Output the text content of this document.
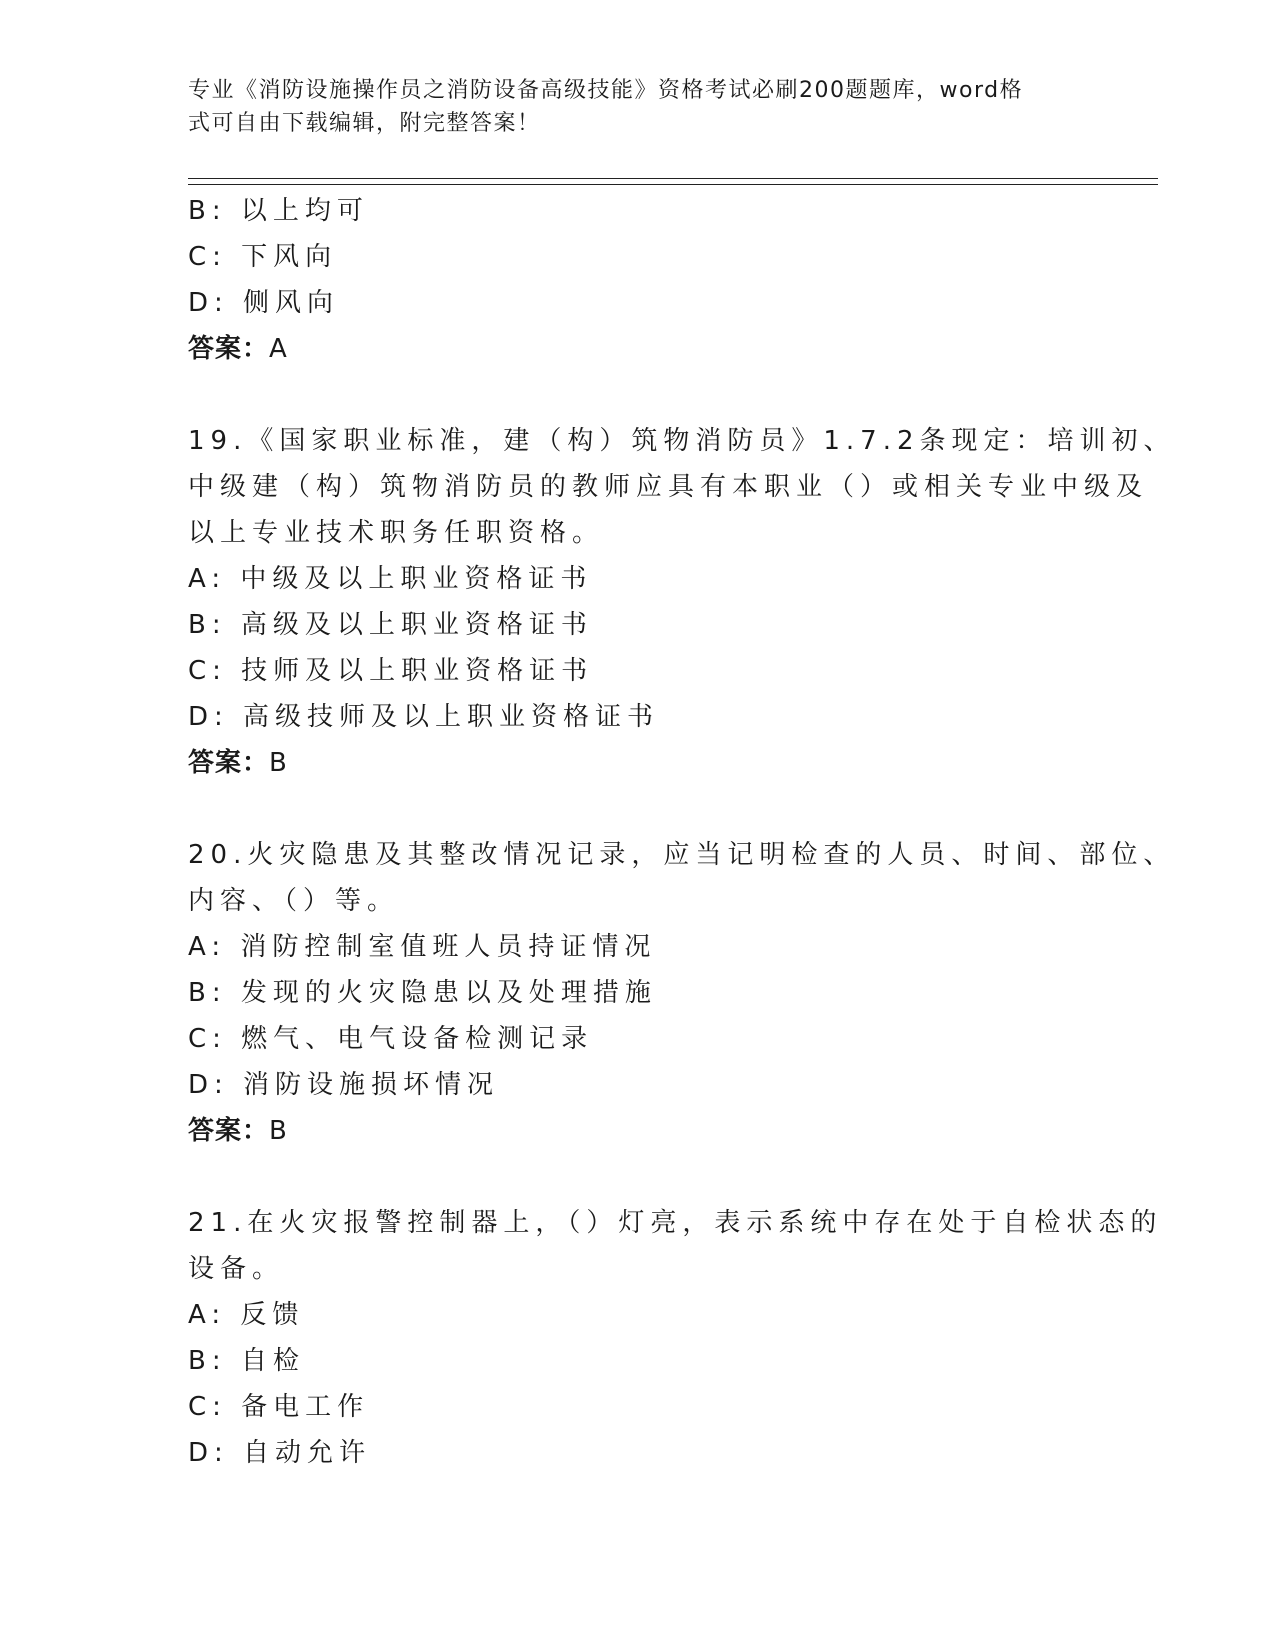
专业《消防设施操作员之消防设备高级技能》资格考试必刷200题题库，word格
式可自由下载编辑，附完整答案！

B: 以上均可

C: 下风向

D: 侧风向

答案：A

19.《国家职业标准，建（构）筑物消防员》1.7.2条现定：培训初、

中级建（构）筑物消防员的教师应具有本职业（）或相关专业中级及

以上专业技术职务任职资格。

A: 中级及以上职业资格证书

B: 高级及以上职业资格证书

C: 技师及以上职业资格证书

D: 高级技师及以上职业资格证书

答案：B

20.火灾隐患及其整改情况记录，应当记明检查的人员、时间、部位、

内容、（）等。

A: 消防控制室值班人员持证情况

B: 发现的火灾隐患以及处理措施

C: 燃气、电气设备检测记录

D: 消防设施损坏情况

答案：B

21.在火灾报警控制器上，（）灯亮，表示系统中存在处于自检状态的

设备。

A: 反馈

B: 自检

C: 备电工作

D: 自动允许
